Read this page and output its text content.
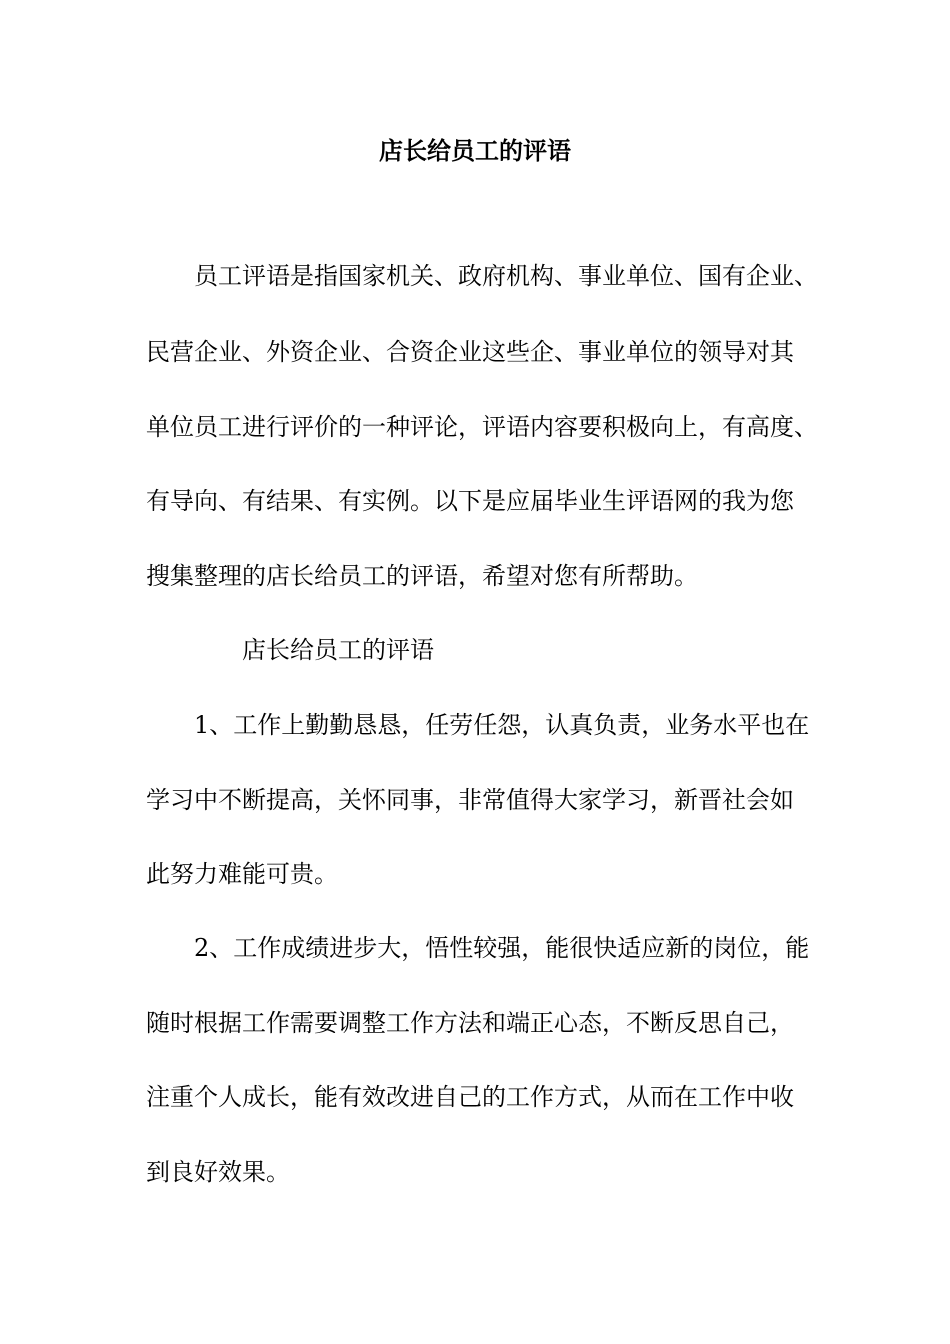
店长给员工的评语
　　员工评语是指国家机关、政府机构、事业单位、国有企业、
民营企业、外资企业、合资企业这些企、事业单位的领导对其
单位员工进行评价的一种评论，评语内容要积极向上，有高度、
有导向、有结果、有实例。以下是应届毕业生评语网的我为您
搜集整理的店长给员工的评语，希望对您有所帮助。
　　　　店长给员工的评语
　　1、工作上勤勤恳恳，任劳任怨，认真负责，业务水平也在
学习中不断提高，关怀同事，非常值得大家学习，新晋社会如
此努力难能可贵。
　　2、工作成绩进步大，悟性较强，能很快适应新的岗位，能
随时根据工作需要调整工作方法和端正心态，不断反思自己，
注重个人成长，能有效改进自己的工作方式，从而在工作中收
到良好效果。
